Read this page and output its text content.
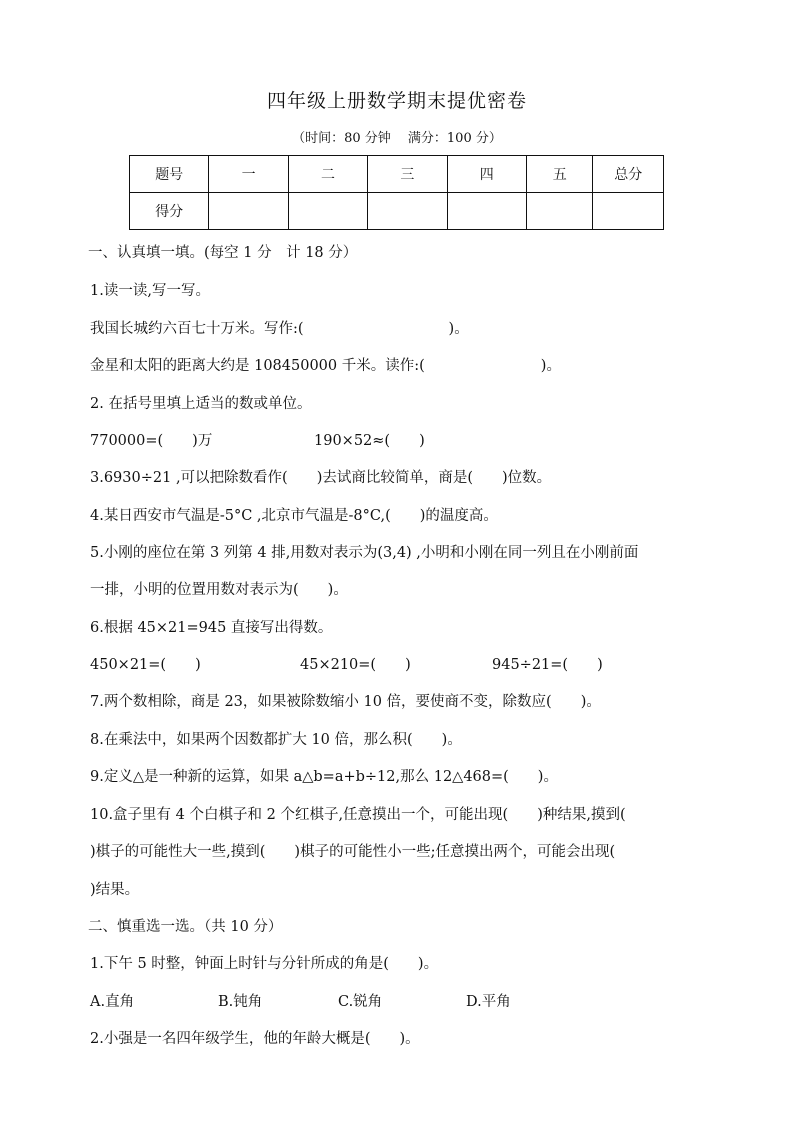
四年级上册数学期末提优密卷
（时间：80 分钟　 满分：100 分）
题号	一	二	三	四	五	总分
得分						
一、认真填一填。(每空 1 分　计 18 分）
1.读一读,写一写。
我国长城约六百七十万米。写作:(　　　　　　　　　　)。
金星和太阳的距离大约是 108450000 千米。读作:(　　　　　　　　)。
2. 在括号里填上适当的数或单位。
770000=(　　)万	190×52≈(　　)
3.6930÷21 ,可以把除数看作(　　)去试商比较简单，商是(　　)位数。
4.某日西安市气温是-5°C ,北京市气温是-8°C,(　　)的温度高。
5.小刚的座位在第 3 列第 4 排,用数对表示为(3,4) ,小明和小刚在同一列且在小刚前面
一排，小明的位置用数对表示为(　　)。
6.根据 45×21=945 直接写出得数。
450×21=(　　)	45×210=(　　)	945÷21=(　　)
7.两个数相除，商是 23，如果被除数缩小 10 倍，要使商不变，除数应(　　)。
8.在乘法中，如果两个因数都扩大 10 倍，那么积(　　)。
9.定义△是一种新的运算，如果 a△b=a+b÷12,那么 12△468=(　　)。
10.盒子里有 4 个白棋子和 2 个红棋子,任意摸出一个，可能出现(　　)种结果,摸到(
)棋子的可能性大一些,摸到(　　)棋子的可能性小一些;任意摸出两个，可能会出现(
)结果。
二、慎重选一选。（共 10 分）
1.下午 5 时整，钟面上时针与分针所成的角是(　　)。
A.直角	B.钝角	C.锐角	D.平角
2.小强是一名四年级学生，他的年龄大概是(　　)。
